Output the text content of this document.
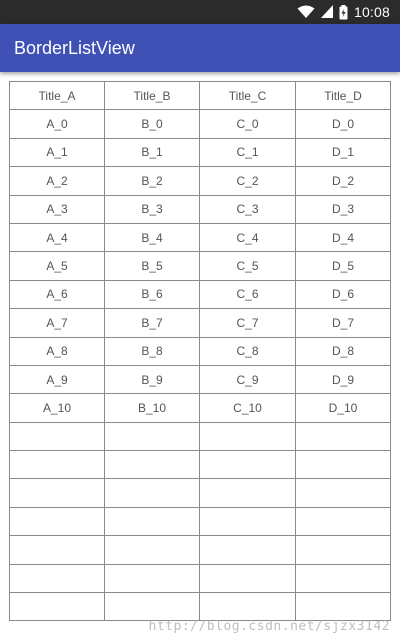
10:08
BorderListView
Title_A	Title_B	Title_C	Title_D
A_0	B_0	C_0	D_0
A_1	B_1	C_1	D_1
A_2	B_2	C_2	D_2
A_3	B_3	C_3	D_3
A_4	B_4	C_4	D_4
A_5	B_5	C_5	D_5
A_6	B_6	C_6	D_6
A_7	B_7	C_7	D_7
A_8	B_8	C_8	D_8
A_9	B_9	C_9	D_9
A_10	B_10	C_10	D_10
http://blog.csdn.net/sjzx3142
